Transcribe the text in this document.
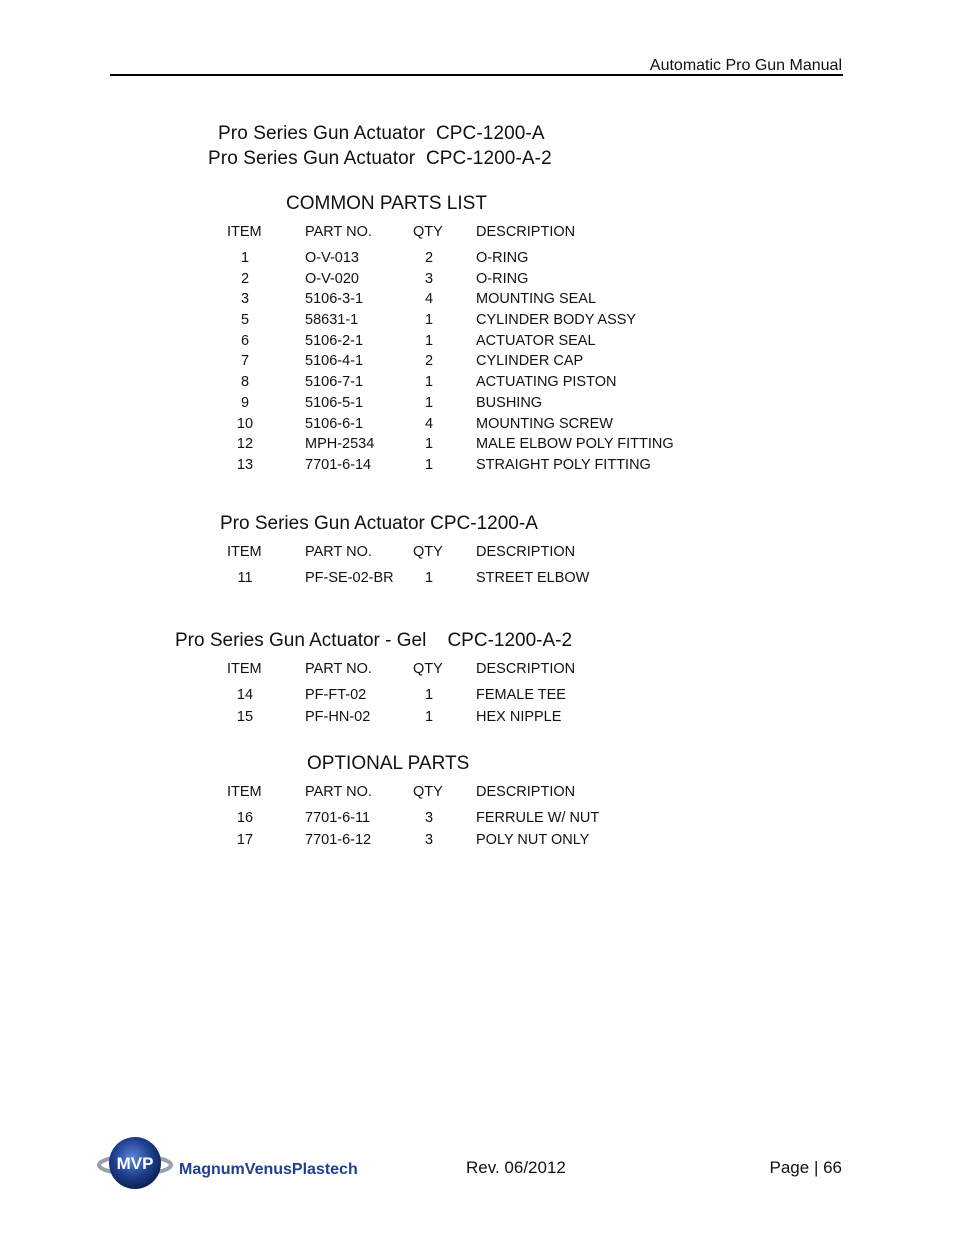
Automatic Pro Gun Manual
Pro Series Gun Actuator  CPC-1200-A
Pro Series Gun Actuator  CPC-1200-A-2
COMMON PARTS LIST
ITEM	PART NO.	QTY DESCRIPTION
1	O-V-013	2	O-RING
2	O-V-020	3	O-RING
3	5106-3-1	4	MOUNTING SEAL
5	58631-1	1	CYLINDER BODY ASSY
6	5106-2-1	1	ACTUATOR SEAL
7	5106-4-1	2	CYLINDER CAP
8	5106-7-1	1	ACTUATING PISTON
9	5106-5-1	1	BUSHING
10	5106-6-1	4	MOUNTING SCREW
12	MPH-2534	1	MALE ELBOW POLY FITTING
13	7701-6-14	1	STRAIGHT POLY FITTING
Pro Series Gun Actuator CPC-1200-A
ITEM	PART NO.	QTY DESCRIPTION
11	PF-SE-02-BR 1	STREET ELBOW
Pro Series Gun Actuator - Gel    CPC-1200-A-2
ITEM	PART NO.	QTY DESCRIPTION
14	PF-FT-02	1	FEMALE TEE
15	PF-HN-02	1	HEX NIPPLE
OPTIONAL PARTS
ITEM	PART NO.	QTY DESCRIPTION
16	7701-6-11	3	FERRULE W/ NUT
17	7701-6-12	3	POLY NUT ONLY
MVP MagnumVenusPlastech	Rev. 06/2012	Page | 66
